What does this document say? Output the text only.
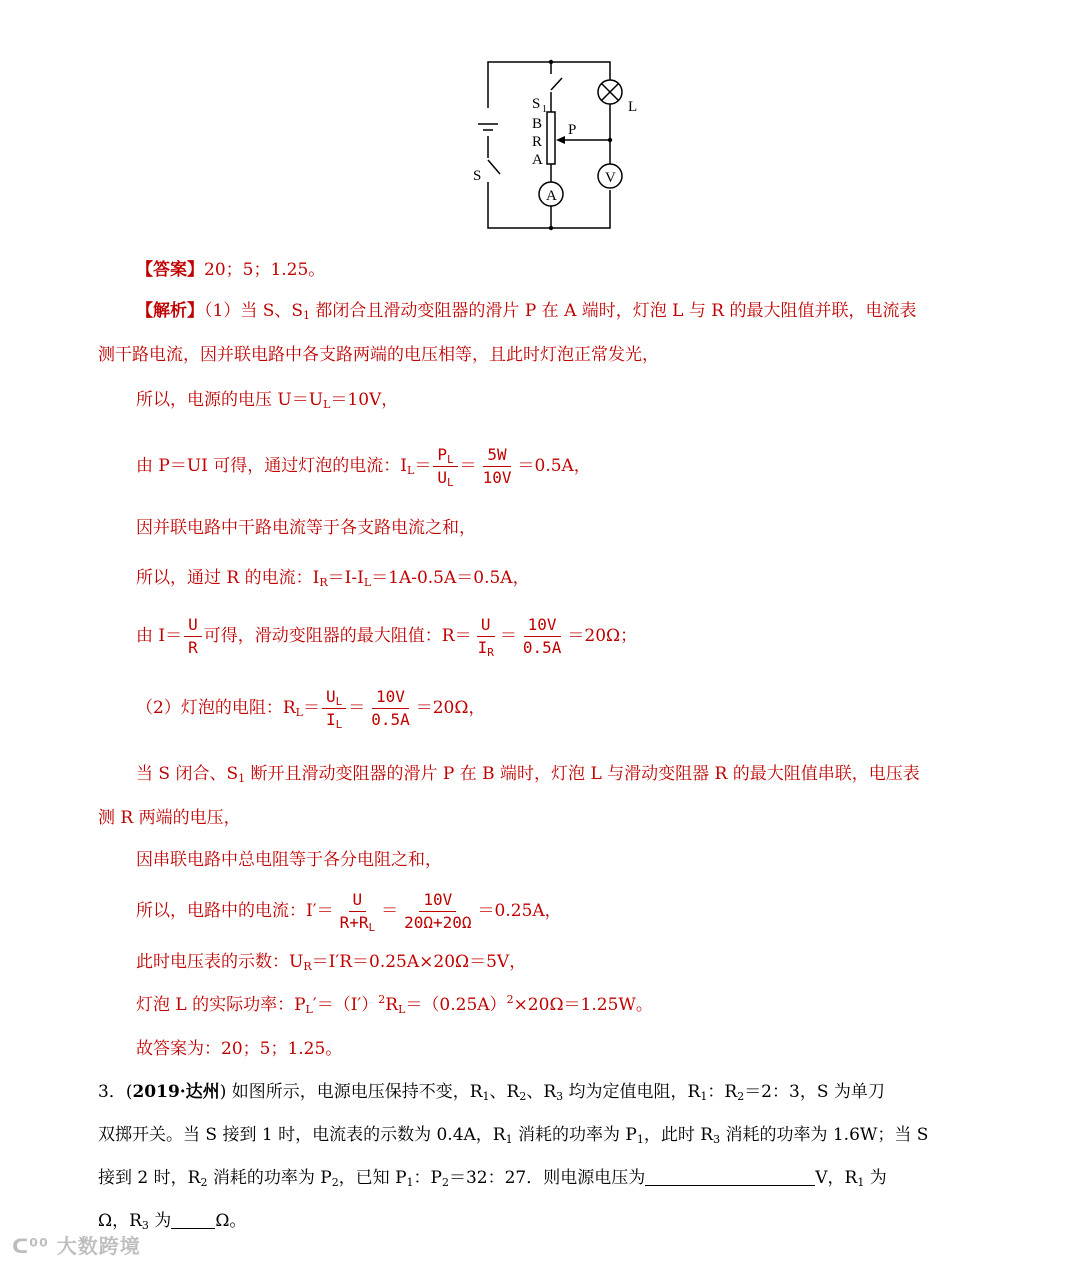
S 1
B
R
A
P
L
S
A
V
【答案】20；5；1.25。
【解析】（1）当 S、$S_1$ 都闭合且滑动变阻器的滑片 P 在 A 端时，灯泡 L 与 R 的最大阻值并联，电流表
测干路电流，因并联电路中各支路两端的电压相等，且此时灯泡正常发光，
所以，电源的电压 $U=U_L=10V$，
由 P＝UI 可得，通过灯泡的电流：$I_L= \frac{P_L}{U_L} = \frac{5W}{10V} =0.5A$，
因并联电路中干路电流等于各支路电流之和，
所以，通过 R 的电流：$I_R=I-I_L=1A-0.5A=0.5A$，
由 $I= \frac{U}{R}$ 可得，滑动变阻器的最大阻值：$R= \frac{U}{I_R} = \frac{10V}{0.5A} =20\Omega$；
（2）灯泡的电阻：$R_L= \frac{U_L}{I_L} = \frac{10V}{0.5A} =20\Omega$，
当 S 闭合、$S_1$ 断开且滑动变阻器的滑片 P 在 B 端时，灯泡 L 与滑动变阻器 R 的最大阻值串联，电压表
测 R 两端的电压，
因串联电路中总电阻等于各分电阻之和，
所以，电路中的电流：$I'= \frac{U}{R+R_L} = \frac{10V}{20\Omega+20\Omega} =0.25A$，
此时电压表的示数：$U_R=I'R=0.25A\times 20\Omega=5V$，
灯泡 L 的实际功率：$P_L'=(I')^2R_L=(0.25A)^2\times 20\Omega=1.25W$。
故答案为：20；5；1.25。
3．(2019·达州) 如图所示，电源电压保持不变，$R_1$、$R_2$、$R_3$ 均为定值电阻，$R_1$：$R_2=2$：3，S 为单刀
双掷开关。当 S 接到 1 时，电流表的示数为 0.4A，$R_1$ 消耗的功率为 $P_1$，此时 $R_3$ 消耗的功率为 1.6W；当 S
接到 2 时，$R_2$ 消耗的功率为 $P_2$，已知 $P_1$：$P_2=32$：27．则电源电压为	V，$R_1$ 为
Ω，$R_3$ 为	Ω。
ᑕ⁰⁰ 大数跨境
